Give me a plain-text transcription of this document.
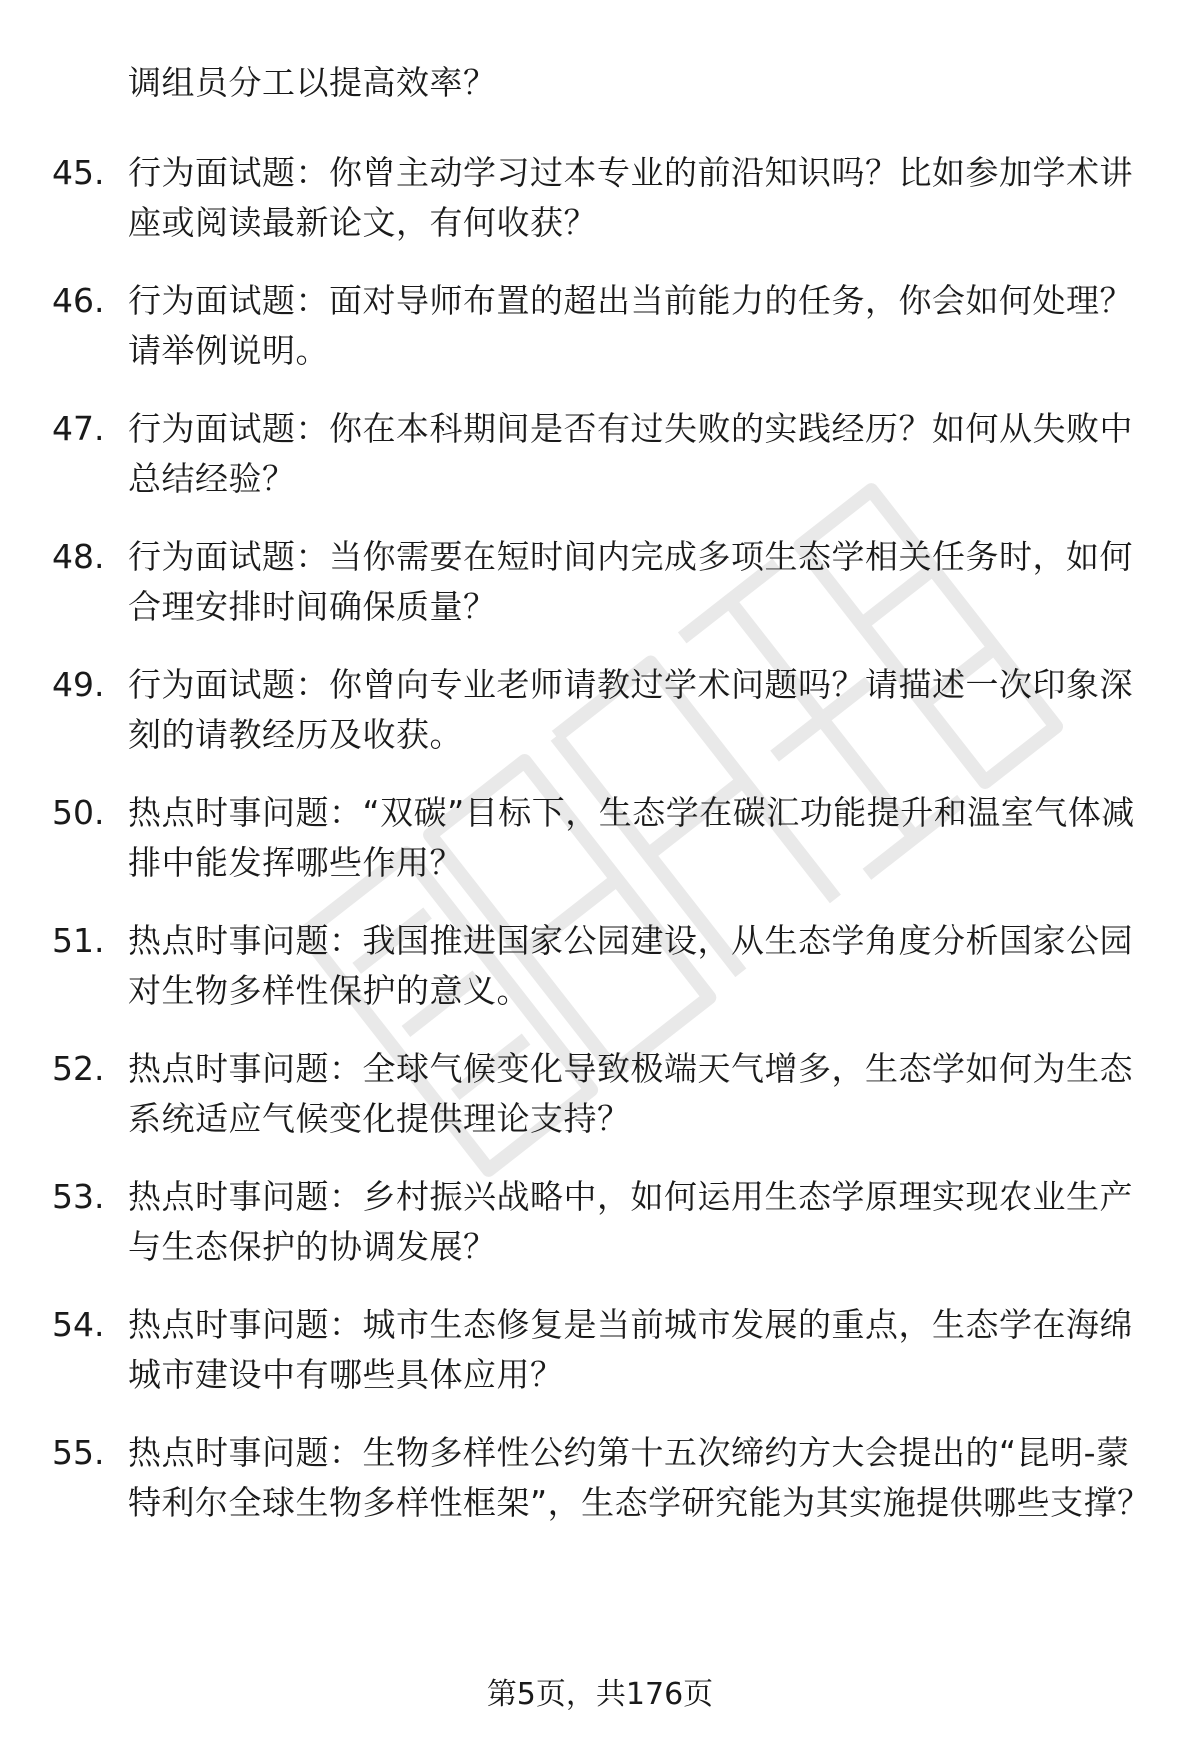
调组员分工以提高效率？
45. 行为面试题：你曾主动学习过本专业的前沿知识吗？比如参加学术讲座或阅读最新论文，有何收获？
46. 行为面试题：面对导师布置的超出当前能力的任务，你会如何处理？请举例说明。
47. 行为面试题：你在本科期间是否有过失败的实践经历？如何从失败中总结经验？
48. 行为面试题：当你需要在短时间内完成多项生态学相关任务时，如何合理安排时间确保质量？
49. 行为面试题：你曾向专业老师请教过学术问题吗？请描述一次印象深刻的请教经历及收获。
50. 热点时事问题：“双碳”目标下，生态学在碳汇功能提升和温室气体减排中能发挥哪些作用？
51. 热点时事问题：我国推进国家公园建设，从生态学角度分析国家公园对生物多样性保护的意义。
52. 热点时事问题：全球气候变化导致极端天气增多，生态学如何为生态系统适应气候变化提供理论支持？
53. 热点时事问题：乡村振兴战略中，如何运用生态学原理实现农业生产与生态保护的协调发展？
54. 热点时事问题：城市生态修复是当前城市发展的重点，生态学在海绵城市建设中有哪些具体应用？
55. 热点时事问题：生物多样性公约第十五次缔约方大会提出的“昆明-蒙特利尔全球生物多样性框架”，生态学研究能为其实施提供哪些支撑？
第5页，共176页
